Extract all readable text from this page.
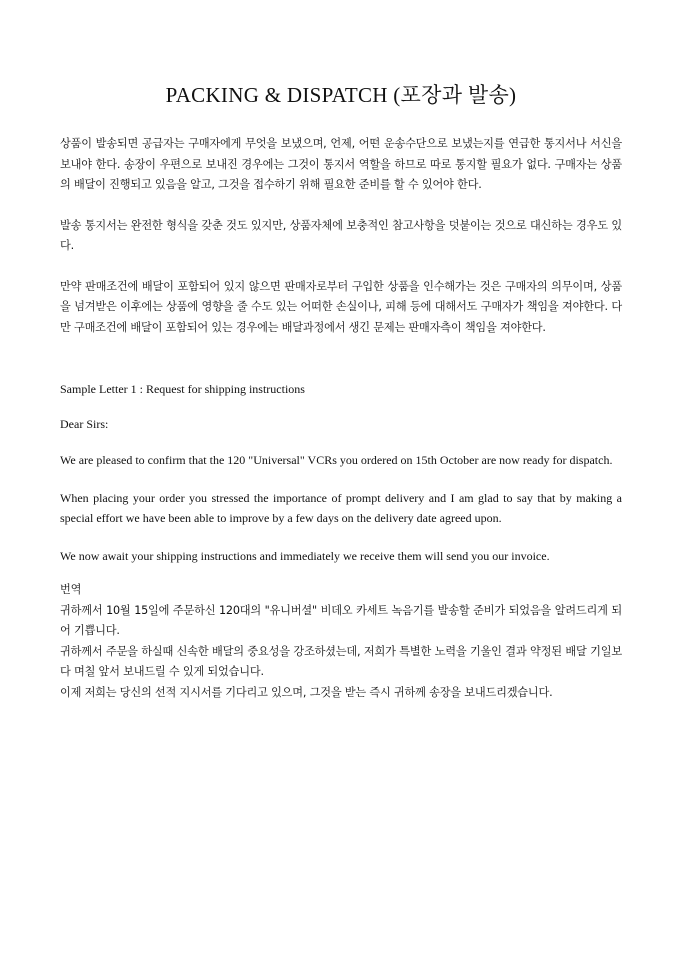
PACKING & DISPATCH (포장과 발송)

상품이 발송되면 공급자는 구매자에게 무엇을 보냈으며, 언제, 어떤 운송수단으로 보냈는지를 연급한 통지서나 서신을 보내야 한다. 송장이 우편으로 보내진 경우에는 그것이 통지서 역할을 하므로 따로 통지할 필요가 없다. 구매자는 상품의 배달이 진행되고 있음을 알고, 그것을 접수하기 위해 필요한 준비를 할 수 있어야 한다.

발송 통지서는 완전한 형식을 갖춘 것도 있지만, 상품자체에 보충적인 참고사항을 덧붙이는 것으로 대신하는 경우도 있다.

만약 판매조건에 배달이 포함되어 있지 않으면 판매자로부터 구입한 상품을 인수해가는 것은 구매자의 의무이며, 상품을 넘겨받은 이후에는 상품에 영향을 줄 수도 있는 어떠한 손실이나, 피해 등에 대해서도 구매자가 책임을 져야한다. 다만 구매조건에 배달이 포함되어 있는 경우에는 배달과정에서 생긴 문제는 판매자측이 책임을 져야한다.

Sample Letter 1 : Request for shipping instructions

Dear Sirs:

We are pleased to confirm that the 120 "Universal" VCRs you ordered on 15th October are now ready for dispatch.

When placing your order you stressed the importance of prompt delivery and I am glad to say that by making a special effort we have been able to improve by a few days on the delivery date agreed upon.

We now await your shipping instructions and immediately we receive them will send you our invoice.

번역

귀하께서 10월 15일에 주문하신 120대의 "유니버셜" 비데오 카세트 녹음기를 발송할 준비가 되었음을 알려드리게 되어 기쁩니다.

귀하께서 주문을 하실때 신속한 배달의 중요성을 강조하셨는데, 저희가 특별한 노력을 기울인 결과 약정된 배달 기일보다 며칠 앞서 보내드릴 수 있게 되었습니다.

이제 저희는 당신의 선적 지시서를 기다리고 있으며, 그것을 받는 즉시 귀하께 송장을 보내드리겠습니다.
